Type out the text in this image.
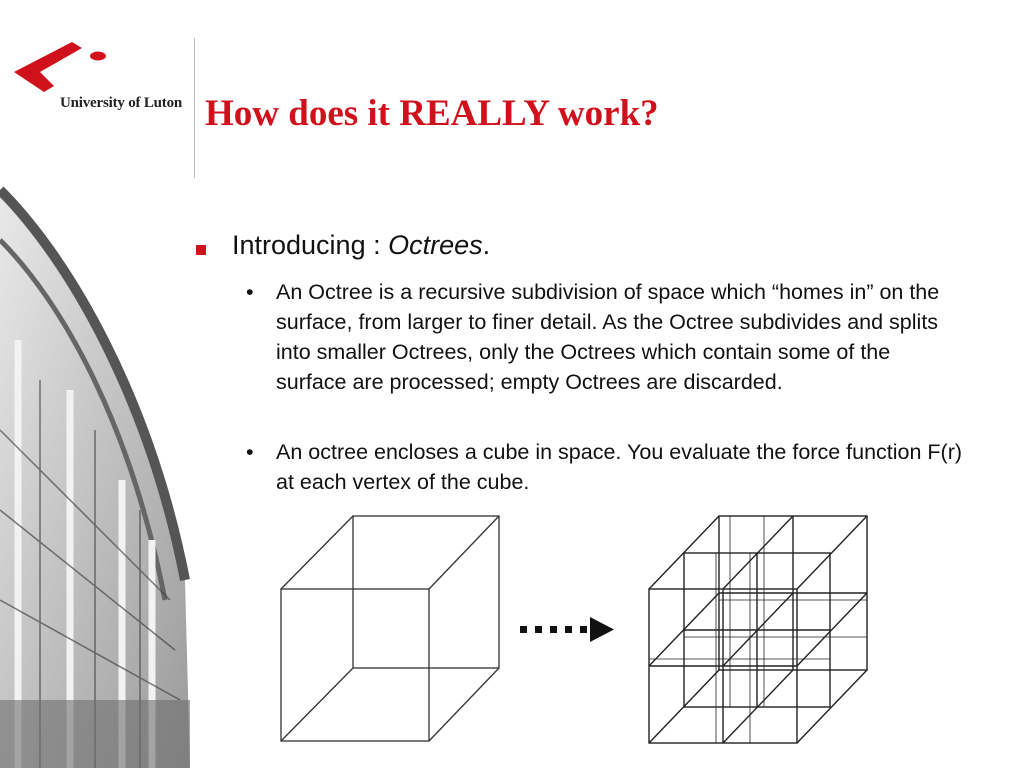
University of Luton How does it REALLY work?
Introducing : Octrees.
• An Octree is a recursive subdivision of space which “homes in” on the surface, from larger to finer detail. As the Octree subdivides and splits into smaller Octrees, only the Octrees which contain some of the surface are processed; empty Octrees are discarded.
• An octree encloses a cube in space. You evaluate the force function F(r) at each vertex of the cube.
